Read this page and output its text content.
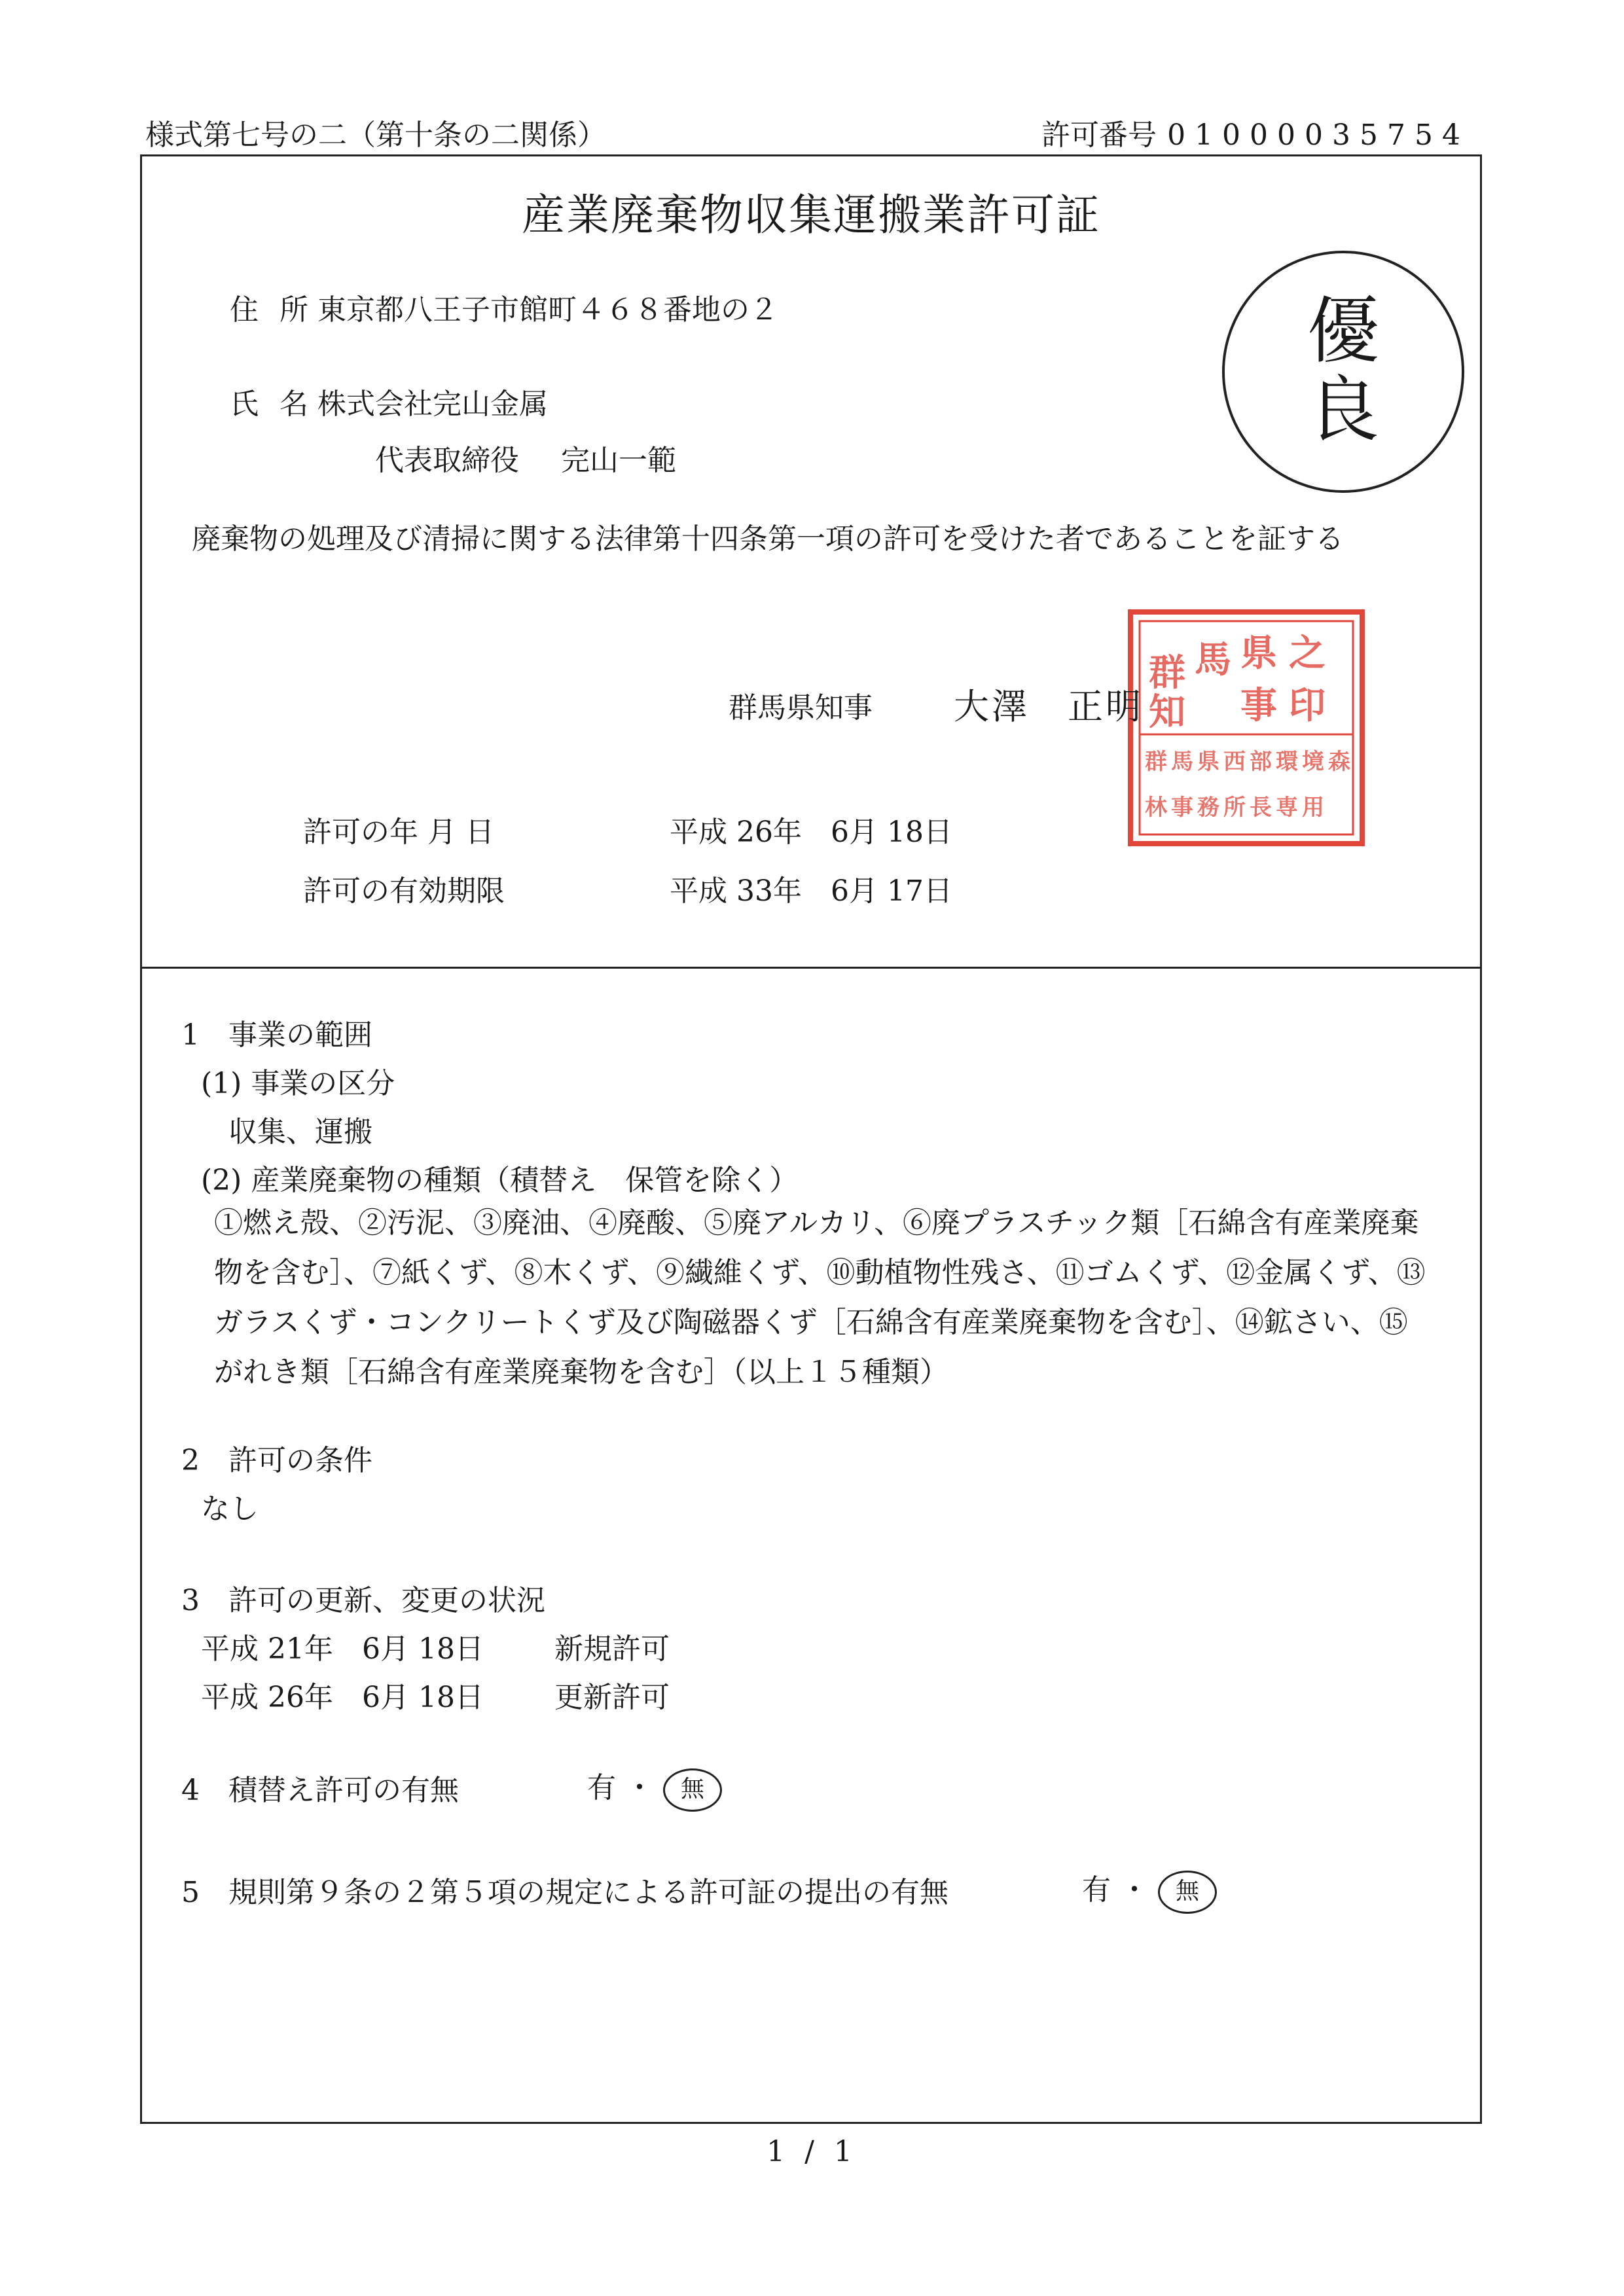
様式第七号の二（第十条の二関係）	許可番号 01000035754
産業廃棄物収集運搬業許可証
住所 東京都八王子市館町４６８番地の２
氏名 株式会社完山金属
代表取締役 完山一範
優
良
廃棄物の処理及び清掃に関する法律第十四条第一項の許可を受けた者であることを証する
群 馬 県 之
知 事 印
群 馬 県 西 部 環 境 森
林 事 務 所 長 専 用
群馬県知事 大澤　正明
許可の年 月 日	平成 26年　6月 18日
許可の有効期限	平成 33年　6月 17日
1　事業の範囲
(1) 事業の区分
収集、運搬
(2) 産業廃棄物の種類（積替え　保管を除く）
①燃え殻、②汚泥、③廃油、④廃酸、⑤廃アルカリ、⑥廃プラスチック類［石綿含有産業廃棄物を含む］、⑦紙くず、⑧木くず、⑨繊維くず、⑩動植物性残さ、⑪ゴムくず、⑫金属くず、⑬ガラスくず・コンクリートくず及び陶磁器くず［石綿含有産業廃棄物を含む］、⑭鉱さい、⑮がれき類［石綿含有産業廃棄物を含む］（以上１５種類）
2　許可の条件
なし
3　許可の更新、変更の状況
平成 21年　6月 18日 新規許可
平成 26年　6月 18日 更新許可
4　積替え許可の有無	有 ・ 無
5　規則第９条の２第５項の規定による許可証の提出の有無	有 ・ 無
1 / 1
